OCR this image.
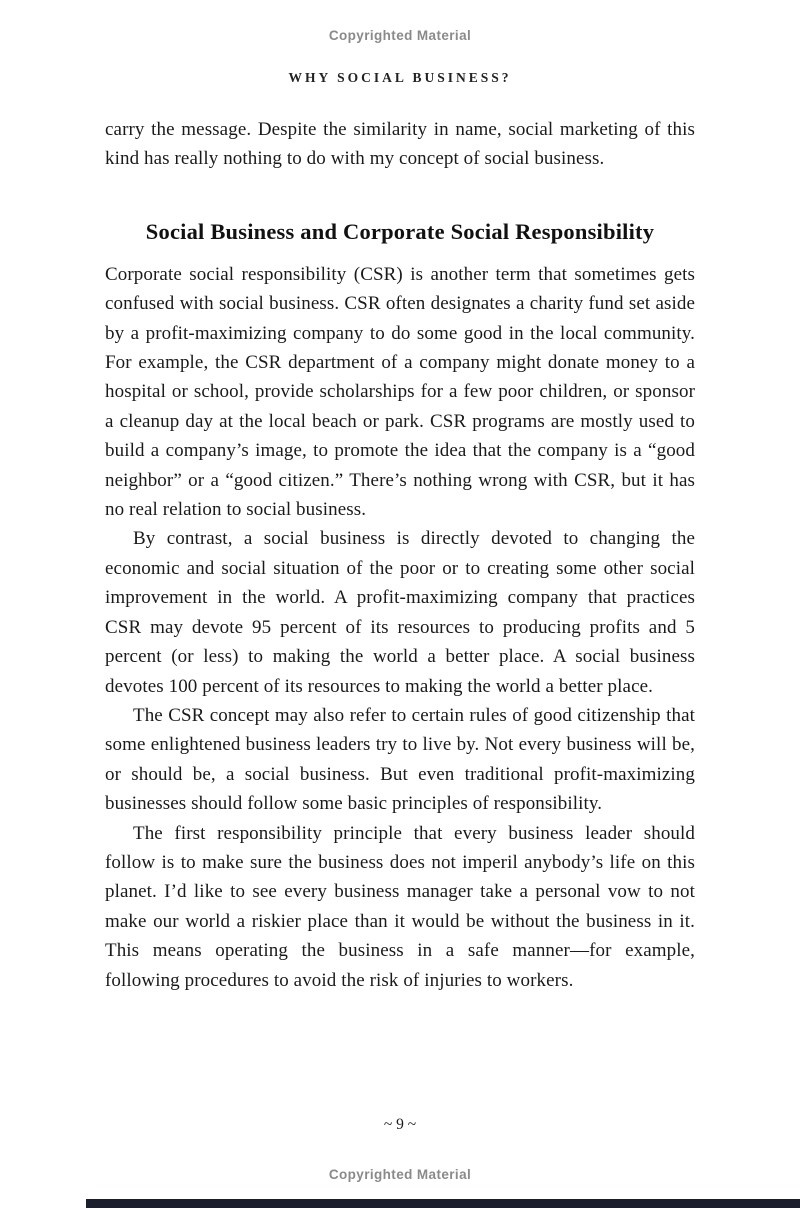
Copyrighted Material
WHY SOCIAL BUSINESS?

carry the message. Despite the similarity in name, social marketing of this kind has really nothing to do with my concept of social business.

Social Business and Corporate Social Responsibility

Corporate social responsibility (CSR) is another term that sometimes gets confused with social business. CSR often designates a charity fund set aside by a profit-maximizing company to do some good in the local community. For example, the CSR department of a company might donate money to a hospital or school, provide scholarships for a few poor children, or sponsor a cleanup day at the local beach or park. CSR programs are mostly used to build a company’s image, to promote the idea that the company is a “good neighbor” or a “good citizen.” There’s nothing wrong with CSR, but it has no real relation to social business.

By contrast, a social business is directly devoted to changing the economic and social situation of the poor or to creating some other social improvement in the world. A profit-maximizing company that practices CSR may devote 95 percent of its resources to producing profits and 5 percent (or less) to making the world a better place. A social business devotes 100 percent of its resources to making the world a better place.

The CSR concept may also refer to certain rules of good citizenship that some enlightened business leaders try to live by. Not every business will be, or should be, a social business. But even traditional profit-maximizing businesses should follow some basic principles of responsibility.

The first responsibility principle that every business leader should follow is to make sure the business does not imperil anybody’s life on this planet. I’d like to see every business manager take a personal vow to not make our world a riskier place than it would be without the business in it. This means operating the business in a safe manner—for example, following procedures to avoid the risk of injuries to workers.

~ 9 ~
Copyrighted Material
